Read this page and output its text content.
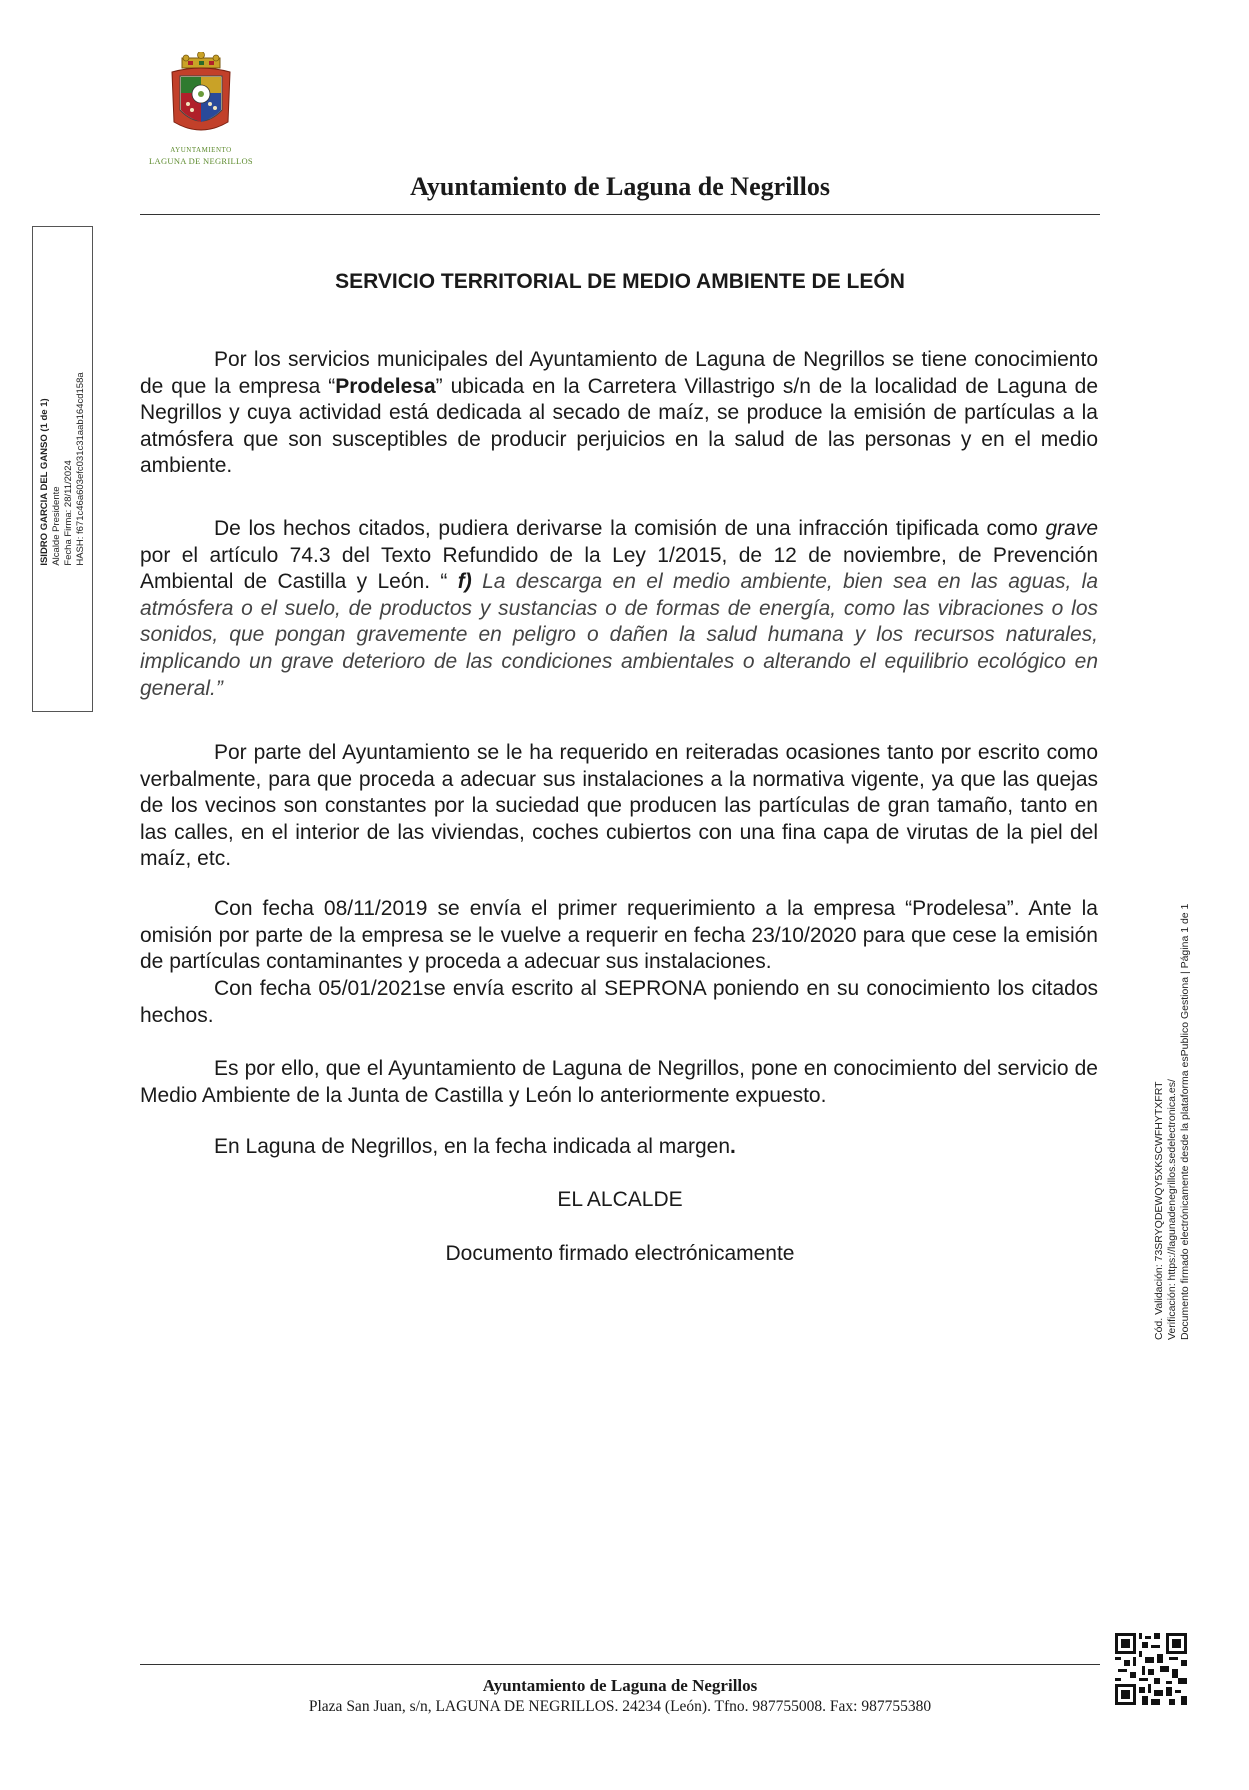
AYUNTAMIENTO
LAGUNA DE NEGRILLOS
Ayuntamiento de Laguna de Negrillos
ISIDRO GARCIA DEL GANSO (1 de 1) Alcalde Presidente Fecha Firma: 28/11/2024 HASH: f671c46a603efc031c31aab164cd158a
Cód. Validación: 73SRYQDEWQY5XKSCWFHYTXFRT Verificación: https://lagunadenegrillos.sedelectronica.es/ Documento firmado electrónicamente desde la plataforma esPublico Gestiona | Página 1 de 1
SERVICIO TERRITORIAL DE MEDIO AMBIENTE DE LEÓN
Por los servicios municipales del Ayuntamiento de Laguna de Negrillos se tiene conocimiento de que la empresa “Prodelesa” ubicada en la Carretera Villastrigo s/n de la localidad de Laguna de Negrillos y cuya actividad está dedicada al secado de maíz, se produce la emisión de partículas a la atmósfera que son susceptibles de producir perjuicios en la salud de las personas y en el medio ambiente.
De los hechos citados, pudiera derivarse la comisión de una infracción tipificada como grave por el artículo 74.3 del Texto Refundido de la Ley 1/2015, de 12 de noviembre, de Prevención Ambiental de Castilla y León. “ f) La descarga en el medio ambiente, bien sea en las aguas, la atmósfera o el suelo, de productos y sustancias o de formas de energía, como las vibraciones o los sonidos, que pongan gravemente en peligro o dañen la salud humana y los recursos naturales, implicando un grave deterioro de las condiciones ambientales o alterando el equilibrio ecológico en general.”
Por parte del Ayuntamiento se le ha requerido en reiteradas ocasiones tanto por escrito como verbalmente, para que proceda a adecuar sus instalaciones a la normativa vigente, ya que las quejas de los vecinos son constantes por la suciedad que producen las partículas de gran tamaño, tanto en las calles, en el interior de las viviendas, coches cubiertos con una fina capa de virutas de la piel del maíz, etc.
Con fecha 08/11/2019 se envía el primer requerimiento a la empresa “Prodelesa”. Ante la omisión por parte de la empresa se le vuelve a requerir en fecha 23/10/2020 para que cese la emisión de partículas contaminantes y proceda a adecuar sus instalaciones.
Con fecha 05/01/2021se envía escrito al SEPRONA poniendo en su conocimiento los citados hechos.
Es por ello, que el Ayuntamiento de Laguna de Negrillos, pone en conocimiento del servicio de Medio Ambiente de la Junta de Castilla y León lo anteriormente expuesto.
En Laguna de Negrillos, en la fecha indicada al margen.
EL ALCALDE
Documento firmado electrónicamente
Ayuntamiento de Laguna de Negrillos
Plaza San Juan, s/n, LAGUNA DE NEGRILLOS. 24234 (León). Tfno. 987755008. Fax: 987755380
